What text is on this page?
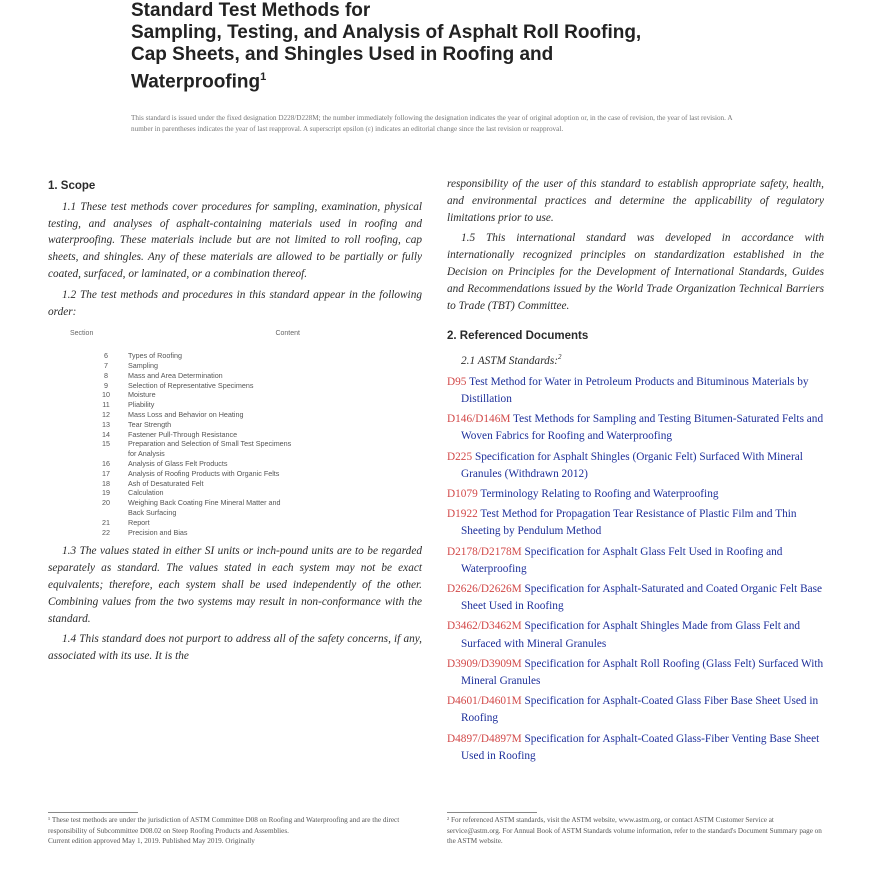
Standard Test Methods for
Sampling, Testing, and Analysis of Asphalt Roll Roofing,
Cap Sheets, and Shingles Used in Roofing and
Waterproofing$^1$
This standard is issued under the fixed designation D228/D228M; the number immediately following the designation indicates the year of original adoption or, in the case of revision, the year of last revision. A number in parentheses indicates the year of last reapproval. A superscript epsilon (ε) indicates an editorial change since the last revision or reapproval.
1. Scope

1.1 These test methods cover procedures for sampling, examination, physical testing, and analyses of asphalt-containing materials used in roofing and waterproofing. These materials include but are not limited to roll roofing, cap sheets, and shingles. Any of these materials are allowed to be partially or fully coated, surfaced, or laminated, or a combination thereof.

1.2 The test methods and procedures in this standard appear in the following order:

Section	Content
6	Types of Roofing
7	Sampling
8	Mass and Area Determination
9	Selection of Representative Specimens
10	Moisture
11	Pliability
12	Mass Loss and Behavior on Heating
13	Tear Strength
14	Fastener Pull-Through Resistance
15	Preparation and Selection of Small Test Specimens
for Analysis
16	Analysis of Glass Felt Products
17	Analysis of Roofing Products with Organic Felts
18	Ash of Desaturated Felt
19	Calculation
20	Weighing Back Coating Fine Mineral Matter and
Back Surfacing
21	Report
22	Precision and Bias

1.3 The values stated in either SI units or inch-pound units are to be regarded separately as standard. The values stated in each system may not be exact equivalents; therefore, each system shall be used independently of the other. Combining values from the two systems may result in non-conformance with the standard.

1.4 This standard does not purport to address all of the safety concerns, if any, associated with its use. It is the

responsibility of the user of this standard to establish appropriate safety, health, and environmental practices and determine the applicability of regulatory limitations prior to use.

1.5 This international standard was developed in accordance with internationally recognized principles on standardization established in the Decision on Principles for the Development of International Standards, Guides and Recommendations issued by the World Trade Organization Technical Barriers to Trade (TBT) Committee.

2. Referenced Documents
2.1 ASTM Standards:$^2$
D95 Test Method for Water in Petroleum Products and Bituminous Materials by Distillation
D146/D146M Test Methods for Sampling and Testing Bitumen-Saturated Felts and Woven Fabrics for Roofing and Waterproofing
D225 Specification for Asphalt Shingles (Organic Felt) Surfaced With Mineral Granules (Withdrawn 2012)
D1079 Terminology Relating to Roofing and Waterproofing
D1922 Test Method for Propagation Tear Resistance of Plastic Film and Thin Sheeting by Pendulum Method
D2178/D2178M Specification for Asphalt Glass Felt Used in Roofing and Waterproofing
D2626/D2626M Specification for Asphalt-Saturated and Coated Organic Felt Base Sheet Used in Roofing
D3462/D3462M Specification for Asphalt Shingles Made from Glass Felt and Surfaced with Mineral Granules
D3909/D3909M Specification for Asphalt Roll Roofing (Glass Felt) Surfaced With Mineral Granules
D4601/D4601M Specification for Asphalt-Coated Glass Fiber Base Sheet Used in Roofing
D4897/D4897M Specification for Asphalt-Coated Glass-Fiber Venting Base Sheet Used in Roofing
¹ These test methods are under the jurisdiction of ASTM Committee D08 on Roofing and Waterproofing and are the direct responsibility of Subcommittee D08.02 on Steep Roofing Products and Assemblies.
Current edition approved May 1, 2019. Published May 2019. Originally
² For referenced ASTM standards, visit the ASTM website, www.astm.org, or contact ASTM Customer Service at service@astm.org. For Annual Book of ASTM Standards volume information, refer to the standard's Document Summary page on the ASTM website.
